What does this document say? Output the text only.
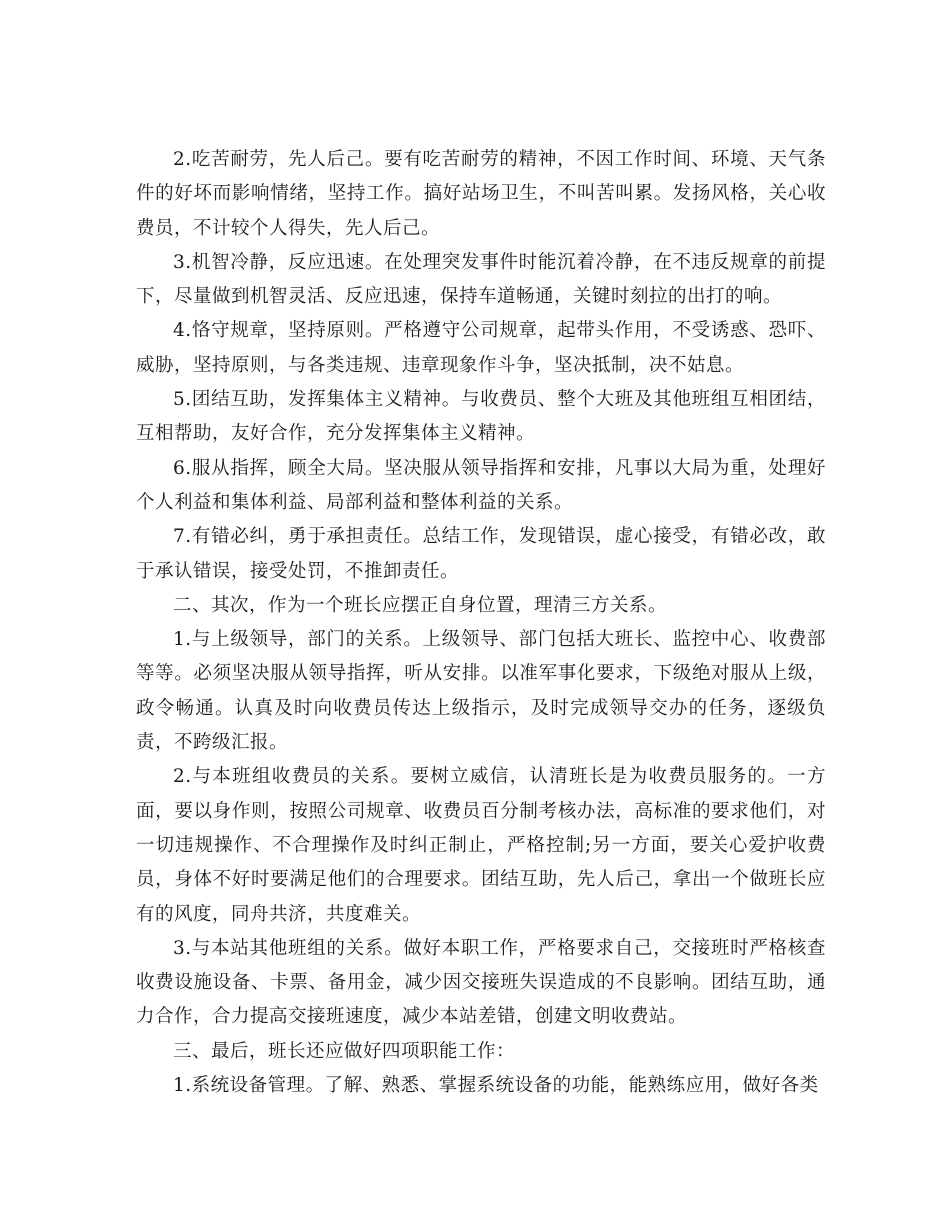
2.吃苦耐劳，先人后己。要有吃苦耐劳的精神，不因工作时间、环境、天气条件的好坏而影响情绪，坚持工作。搞好站场卫生，不叫苦叫累。发扬风格，关心收费员，不计较个人得失，先人后己。

3.机智冷静，反应迅速。在处理突发事件时能沉着冷静，在不违反规章的前提下，尽量做到机智灵活、反应迅速，保持车道畅通，关键时刻拉的出打的响。

4.恪守规章，坚持原则。严格遵守公司规章，起带头作用，不受诱惑、恐吓、威胁，坚持原则，与各类违规、违章现象作斗争，坚决抵制，决不姑息。

5.团结互助，发挥集体主义精神。与收费员、整个大班及其他班组互相团结，互相帮助，友好合作，充分发挥集体主义精神。

6.服从指挥，顾全大局。坚决服从领导指挥和安排，凡事以大局为重，处理好个人利益和集体利益、局部利益和整体利益的关系。

7.有错必纠，勇于承担责任。总结工作，发现错误，虚心接受，有错必改，敢于承认错误，接受处罚，不推卸责任。

二、其次，作为一个班长应摆正自身位置，理清三方关系。

1.与上级领导，部门的关系。上级领导、部门包括大班长、监控中心、收费部等等。必须坚决服从领导指挥，听从安排。以准军事化要求，下级绝对服从上级，政令畅通。认真及时向收费员传达上级指示，及时完成领导交办的任务，逐级负责，不跨级汇报。

2.与本班组收费员的关系。要树立威信，认清班长是为收费员服务的。一方面，要以身作则，按照公司规章、收费员百分制考核办法，高标准的要求他们，对一切违规操作、不合理操作及时纠正制止，严格控制;另一方面，要关心爱护收费员，身体不好时要满足他们的合理要求。团结互助，先人后己，拿出一个做班长应有的风度，同舟共济，共度难关。

3.与本站其他班组的关系。做好本职工作，严格要求自己，交接班时严格核查收费设施设备、卡票、备用金，减少因交接班失误造成的不良影响。团结互助，通力合作，合力提高交接班速度，减少本站差错，创建文明收费站。

三、最后，班长还应做好四项职能工作：

1.系统设备管理。了解、熟悉、掌握系统设备的功能，能熟练应用，做好各类
